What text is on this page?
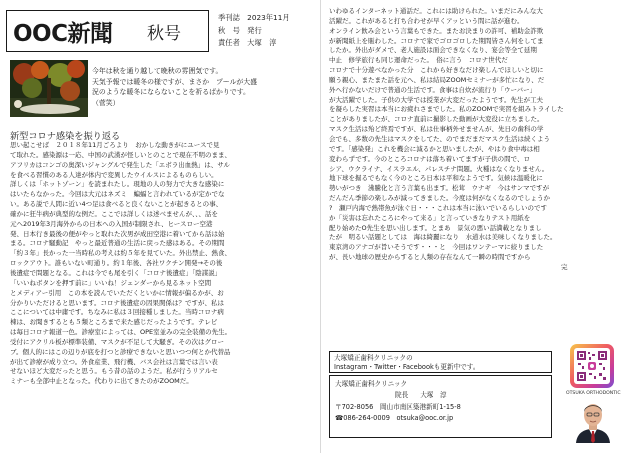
OOC新聞 秋号
季刊誌　2023年11月
秋　号　発行
責任者　大塚　淳
今年は秋を通り越して晩秋の雰囲気です。
天気予報では暖冬の様ですが、まさか　プールが大盛
況のような暖冬にならないことを祈るばかりです。
（菅笑）
新型コロナ感染を振り返る
思い起こせば　２０１８年11月ごろより　おかしな動きがにユースで見
て取れた。感染源は一応、中国の武漢が怪しいとのことで現在不明のまま、
アフリカはコンゴの奥深いジャングルで発生した「エボラ出血熱」は、サル
を食べる習慣のある人達が体内で変異したウイルスによるものらしい。
詳しくは「ホットゾーン」を読まれたし。現地の人の努力で大きな感染に
はいたらなかった。今回は大元はネズミ　蝙蝠と言われているが定かでな
い。ある説で人間に近い4つ足は食べると良くないことが起きるとの事、
確かに狂牛病が典型的な例だ。ここでは詳しくは述べませんが、、、話を
元へ2019年3月海外からの日本への入国が制限され、ヒースロー空港
発、日本行き最後の便がやっと取れた次男が成田空港に着いてから話は始
まる。コロナ騒動記　やっと最近普通の生活に戻った感はある。その期間
「約３年」長かった一当時私の考えは約５年を見ていた。外出禁止、熱食、
ロックアウト。誰もいない町通り。約１年後、各社ワクチン開発→その後
後遺症で問題となる。これは今でも尾を引く「コロナ後遺症」「陰謀説」
「いいねボタンを押す前に」いいね！ジェンダーから見るネット空間
とメディアー引用　この本を読んでいただくといかに情報が偏るかが、お
分かりいただけると思います。コロナ後遺症の因果関係は？ですが、私は
ここについては中庸です。ちなみに私は３回接種しました。当時コロナ病
棟は、お聞きするとも５類ところまで来た感じだったようです。テレビ
は毎日コロナ報道一色。診療室によっては、OPE室並みの完全装備の先生。
受付にアクリル板が標準装備、マスクが不足して大騒ぎ。その次はグロー
ブ。個人的にはこの辺りが底を打つと診療できないと思いつつ何とか代替品
が出て診療が成り立つ。外食産業、飛行機、バス会社は言葉では言い表
せないほど大変だったと思う。もう昔の話のようだ。私が行うリアルセ
ミナーも全部中止となった。代わりに出てきたのがZOOMだ。
いわゆるインターネット通話だ。これには助けられた。いまだにみんな大
活躍だ。これがあると打ち合わせが早くアッという間に話が進む。
オンライン飲み会という言葉もできた。またお決まりの許可、補助金詐欺
が新聞紙上を賑わした。コロナで家でゴロゴロした期間皆さん何をしてま
したか。外出がダメで、老人施設は面会できなくなり、宴会等全て延期
中止　修学旅行も同じ運命だった。　俗に言う　コロナ世代だ
コロナで十分遊べなかった分　これから好きなだけ楽しんでほしいと切に
願う親心、またまた話を元へ、私は結局ZOOMセミナーが多忙になり、だ
外へ行かないだけで普通の生活です。食事は自炊が流行り「ウーバー」
が大活躍でした。子供の大学では授業が大変だったようです。先生が工夫
を凝らした実習は本当にお疲れさまでした。私のZOOMで実習を組みトライした
ことがありましたが、コロナ直前に撮影した動画が大変役に立ちました。
マスク生活は殆ど終焉ですが、私は仕事柄外せませんが、先日の歯科の学
会でも、多数の先生はマスクをしてた、のでまだまだマスク生活は続くよう
です。「感染発」これを機会に減るかと思いましたが、やはり食中毒は相
変わらずです。今のところコロナは落ち着いてますが子供の間で、ロ
シア、ウクライナ、イスラエル、パレスチナ問題。火種はなくなりません。
地下球を掘るでもなく今のところ日本は平和なようです。気候は温暖化に
勢いがつき　沸騰化と言う言葉も出ます。松茸　ウナギ　今はサンマですが
だんだん季節の楽しみが減ってきました。今度は何がなくなるのでしょうか
?　瀬戸内海で熱帯魚が泳ぐ日・・・これは本当に泳いでいるらしいのです
か「災害は忘れたころにやって来る」と言っていきなりテスト用紙を
配り始めたO先生を思い出します。とまあ　景気の悪い話満載となりまし
たが　明るい話題としては　海は綺麗になり　水道水は美味しくなりました。
東京湾のアナゴが旨いそうです・・・と　今回はワンテーマに絞りました
が、長い地球の歴史からすると人類の存在なんて一瞬の時間ですから
完
大塚矯正歯科クリニックの
Instagram・Twitter・Facebookも更新中です。
大塚矯正歯科クリニック
院長 大塚　淳
〒702-8056　岡山市南区築港新町1-15-8
☎086-264-0009　otsuka@ooc.or.jp
OTSUKA ORTHODONTIC
